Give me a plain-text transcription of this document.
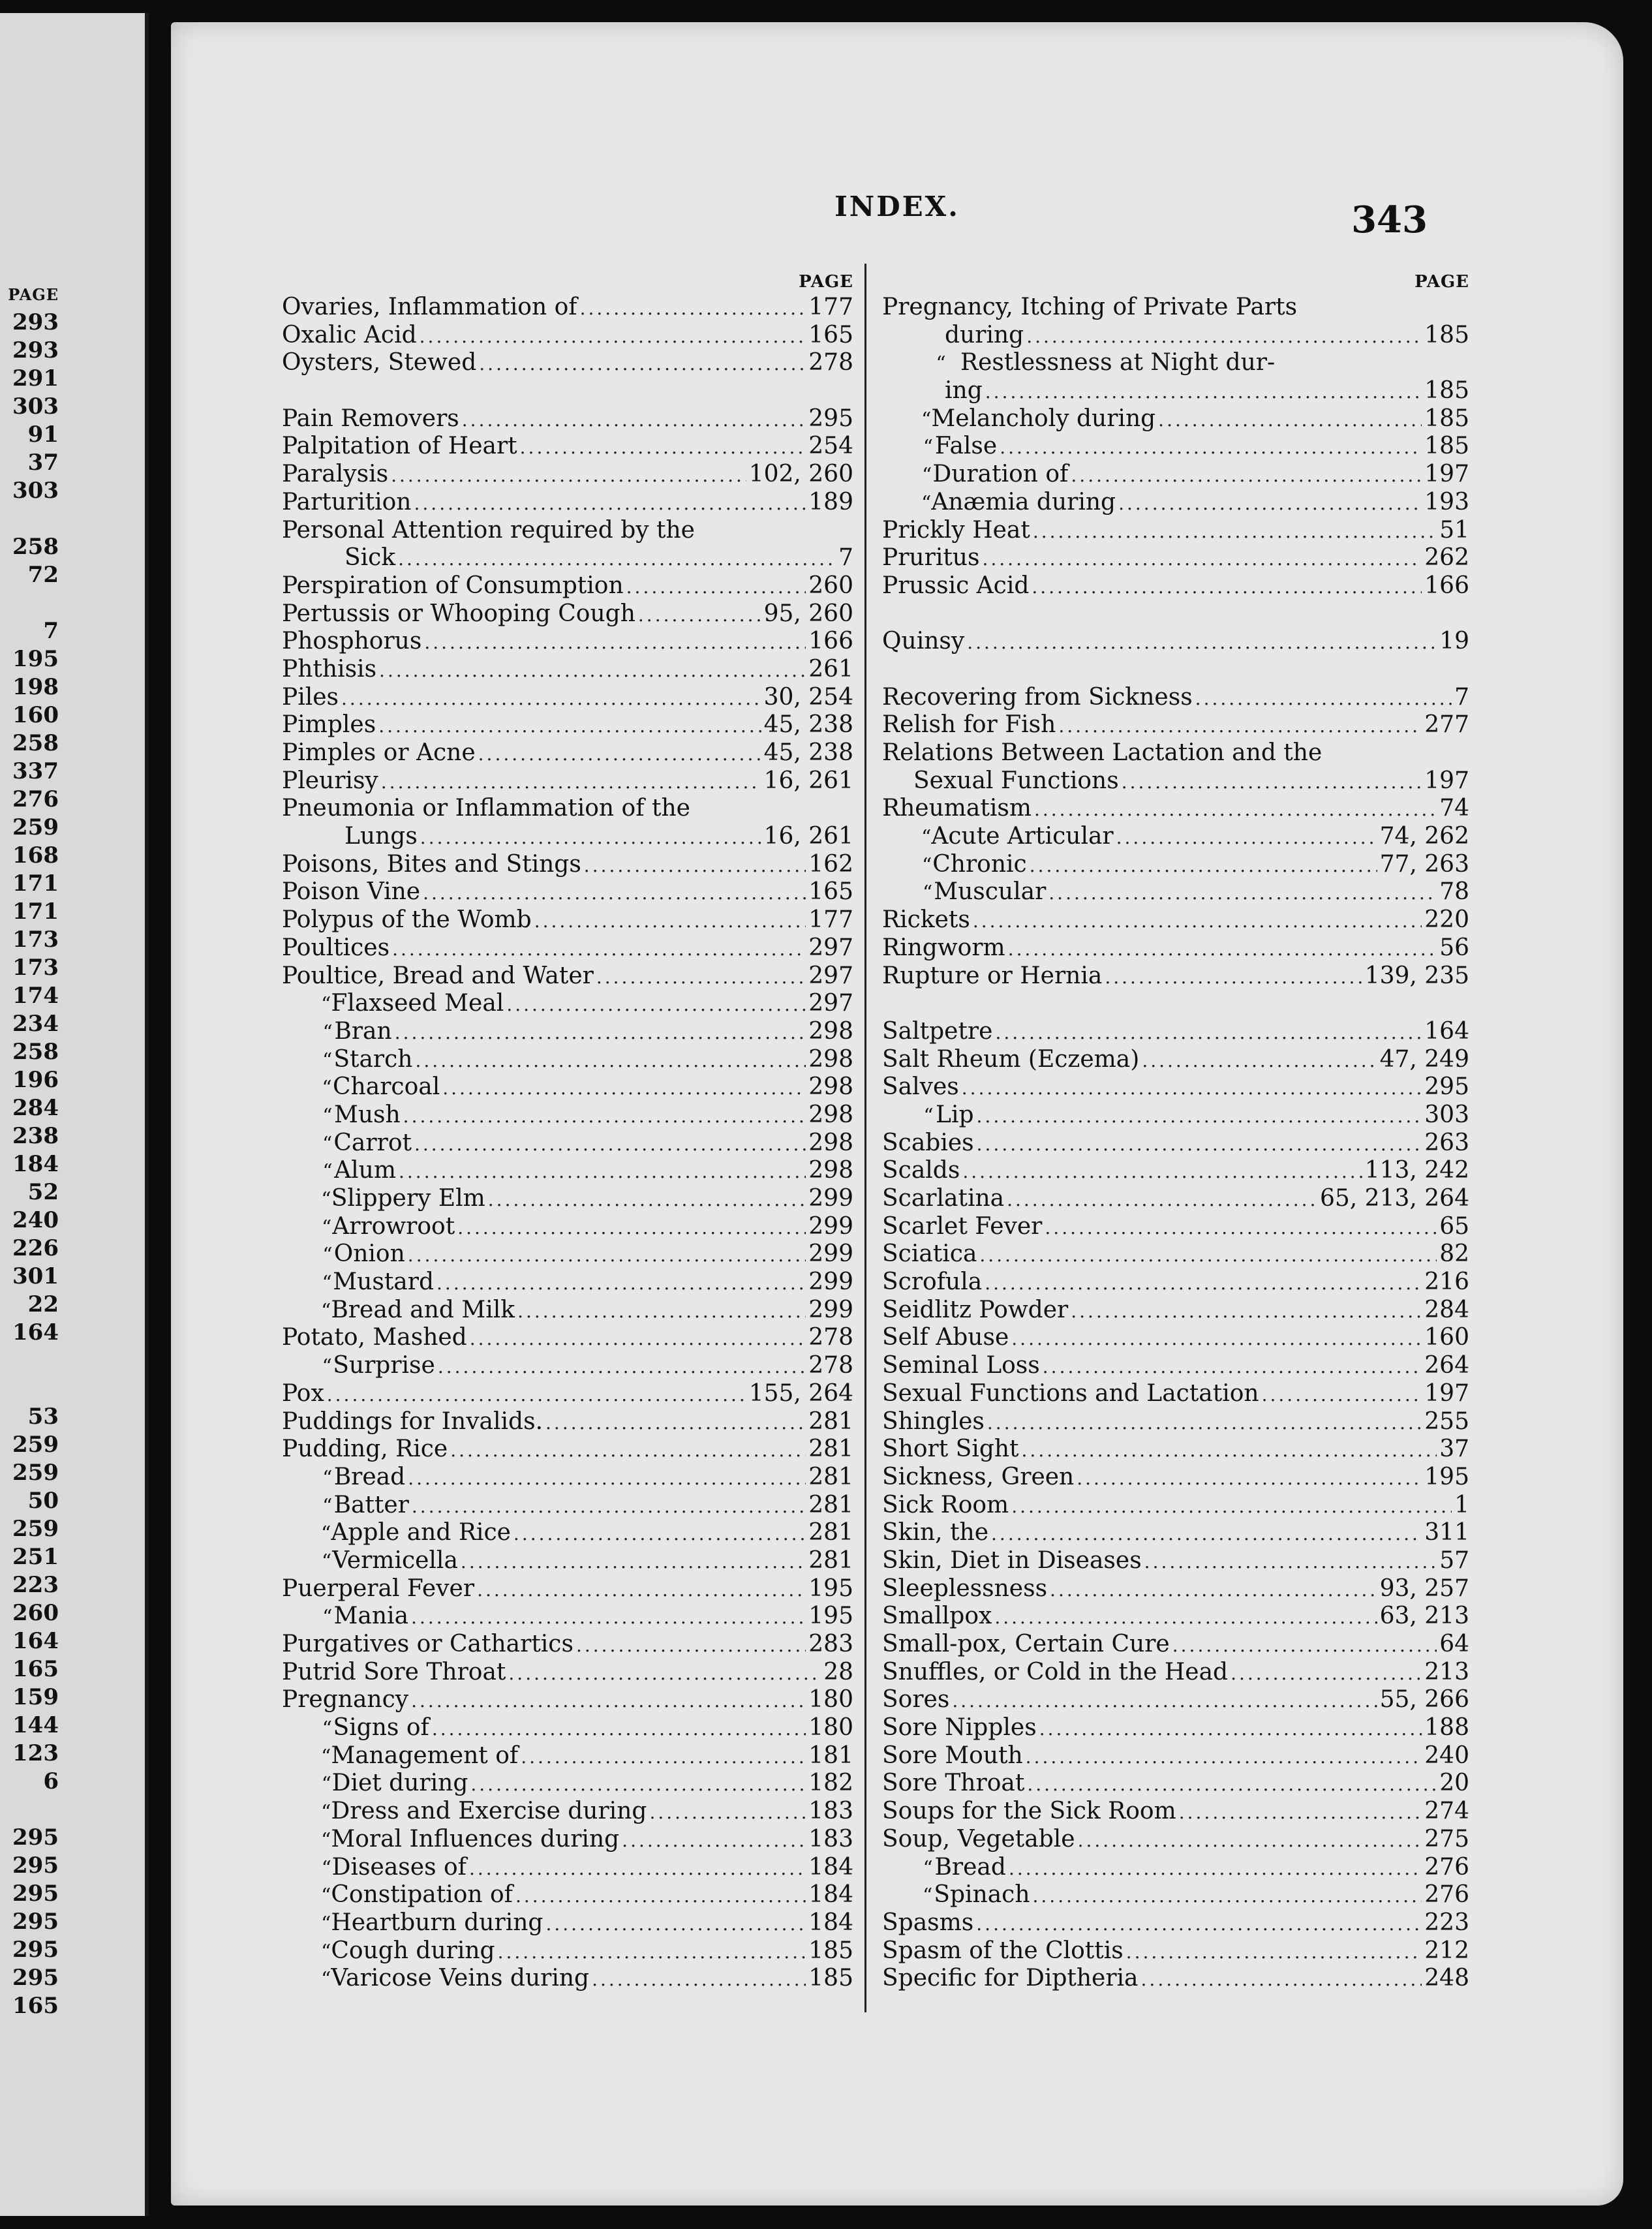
PAGE
293
293
291
303
91
37
303
258
72
7
195
198
160
258
337
276
259
168
171
171
173
173
174
234
258
196
284
238
184
52
240
226
301
22
164
53
259
259
50
259
251
223
260
164
165
159
144
123
6
295
295
295
295
295
295
165
INDEX.	343
PAGE
Ovaries, Inflammation of .....	177
Oxalic Acid .....	165
Oysters, Stewed .....	278
Pain Removers .....	295
Palpitation of Heart .....	254
Paralysis .....	102, 260
Parturition .....	189
Personal Attention required by the
Sick .....	7
Perspiration of Consumption .....	260
Pertussis or Whooping Cough .....	95, 260
Phosphorus .....	166
Phthisis .....	261
Piles .....	30, 254
Pimples .....	45, 238
Pimples or Acne .....	45, 238
Pleurisy .....	16, 261
Pneumonia or Inflammation of the
Lungs .....	16, 261
Poisons, Bites and Stings .....	162
Poison Vine .....	165
Polypus of the Womb .....	177
Poultices .....	297
Poultice, Bread and Water .....	297
“ Flaxseed Meal .....	297
“ Bran .....	298
“ Starch .....	298
“ Charcoal .....	298
“ Mush .....	298
“ Carrot .....	298
“ Alum .....	298
“ Slippery Elm .....	299
“ Arrowroot .....	299
“ Onion .....	299
“ Mustard .....	299
“ Bread and Milk .....	299
Potato, Mashed .....	278
“ Surprise .....	278
Pox .....	155, 264
Puddings for Invalids. .....	281
Pudding, Rice .....	281
“ Bread .....	281
“ Batter .....	281
“ Apple and Rice .....	281
“ Vermicella .....	281
Puerperal Fever .....	195
“ Mania .....	195
Purgatives or Cathartics .....	283
Putrid Sore Throat .....	28
Pregnancy .....	180
“ Signs of .....	180
“ Management of .....	181
“ Diet during .....	182
“ Dress and Exercise during .....	183
“ Moral Influences during .....	183
“ Diseases of .....	184
“ Constipation of .....	184
“ Heartburn during .....	184
“ Cough during .....	185
“ Varicose Veins during .....	185
PAGE
Pregnancy, Itching of Private Parts
during .....	185
“ Restlessness at Night dur-
ing .....	185
“ Melancholy during .....	185
“ False .....	185
“ Duration of .....	197
“ Anæmia during .....	193
Prickly Heat .....	51
Pruritus .....	262
Prussic Acid .....	166
Quinsy .....	19
Recovering from Sickness .....	7
Relish for Fish .....	277
Relations Between Lactation and the
Sexual Functions .....	197
Rheumatism .....	74
“ Acute Articular .....	74, 262
“ Chronic .....	77, 263
“ Muscular .....	78
Rickets .....	220
Ringworm .....	56
Rupture or Hernia .....	139, 235
Saltpetre .....	164
Salt Rheum (Eczema) .....	47, 249
Salves .....	295
“ Lip .....	303
Scabies .....	263
Scalds .....	113, 242
Scarlatina .....	65, 213, 264
Scarlet Fever .....	65
Sciatica .....	82
Scrofula .....	216
Seidlitz Powder .....	284
Self Abuse .....	160
Seminal Loss .....	264
Sexual Functions and Lactation .....	197
Shingles .....	255
Short Sight .....	37
Sickness, Green .....	195
Sick Room .....	1
Skin, the .....	311
Skin, Diet in Diseases .....	57
Sleeplessness .....	93, 257
Smallpox .....	63, 213
Small-pox, Certain Cure .....	64
Snuffles, or Cold in the Head .....	213
Sores .....	55, 266
Sore Nipples .....	188
Sore Mouth .....	240
Sore Throat .....	20
Soups for the Sick Room .....	274
Soup, Vegetable .....	275
“ Bread .....	276
“ Spinach .....	276
Spasms .....	223
Spasm of the Clottis .....	212
Specific for Diptheria .....	248
